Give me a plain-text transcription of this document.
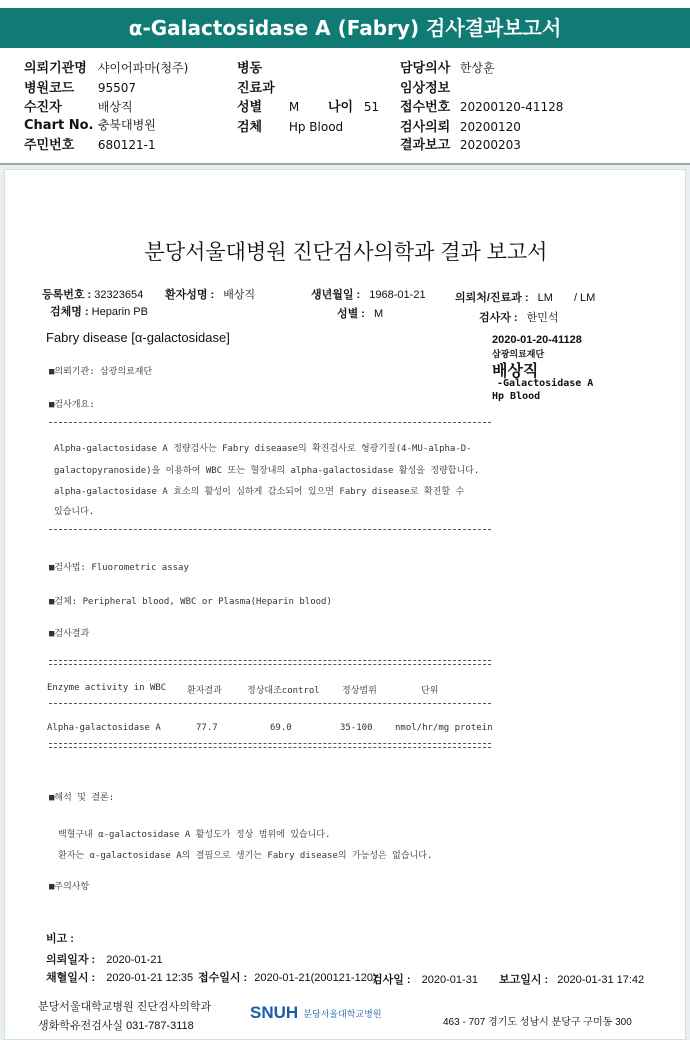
α-Galactosidase A (Fabry) 검사결과보고서
의뢰기관명 샤이어파마(청주)
병원코드 95507
수진자	배상직
Chart No. 충북대병원
주민번호 680121-1
병동
진료과
성별 M 나이 51
검체 Hp Blood
담당의사 한상훈
임상정보
접수번호 20200120-41128
검사의뢰 20200120
결과보고 20200203
분당서울대병원 진단검사의학과 결과 보고서
등록번호 : 32323654 환자성명 : 배상직	생년월일 : 1968-01-21	의뢰처/진료과 : LM / LM
검체명 : Heparin PB	성별 : M	검사자 : 한민석
Fabry disease [α-galactosidase]	2020-01-20-41128
삼광의료재단
배상직
-Galactosidase A
Hp Blood
■의뢰기관: 삼광의료재단
■검사개요:
Alpha-galactosidase A 정량검사는 Fabry diseaase의 확진검사로 형광기질(4-MU-alpha-D-
galactopyranoside)을 이용하여 WBC 또는 혈장내의 alpha-galactosidase 활성을 정량합니다.
alpha-galactosidase A 효소의 활성이 심하게 감소되어 있으면 Fabry disease로 확진할 수
있습니다.
■검사법: Fluorometric assay
■검체: Peripheral blood, WBC or Plasma(Heparin blood)
■검사결과
Enzyme activity in WBC 환자결과	정상대조control 정상범위	단위
Alpha-galactosidase A	77.7	69.0	35-100 nmol/hr/mg protein
■해석 및 결론:
백혈구내 α-galactosidase A 활성도가 정상 범위에 있습니다.
환자는 α-galactosidase A의 결핍으로 생기는 Fabry disease의 가능성은 없습니다.
■주의사항
비고 :
의뢰일자 : 2020-01-21
채혈일시 : 2020-01-21 12:35 접수일시 : 2020-01-21(200121-120)
검사일 : 2020-01-31 보고일시 : 2020-01-31 17:42
분당서울대학교병원 진단검사의학과
생화학유전검사실 031-787-3118
SNUH 분당서울대학교병원
463 - 707 경기도 성남시 분당구 구미동 300
